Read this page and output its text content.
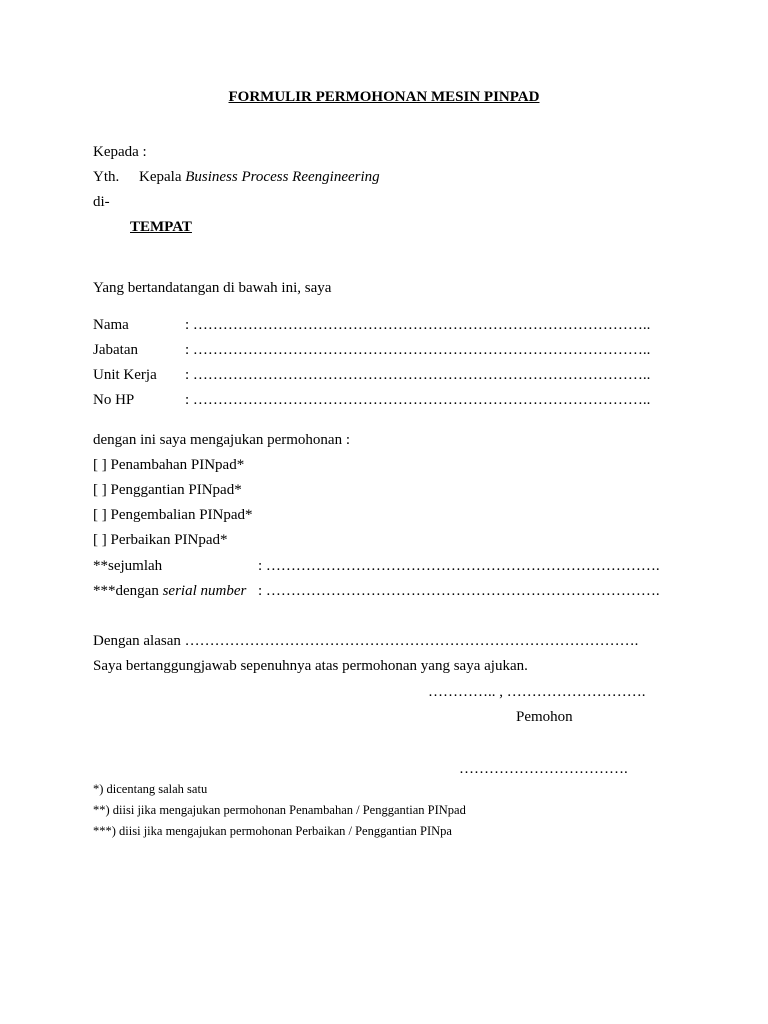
FORMULIR PERMOHONAN MESIN PINPAD
Kepada :
Yth. Kepala Business Process Reengineering
di-
TEMPAT
Yang bertandatangan di bawah ini, saya
Nama	: ………………………………………………………………………………..
Jabatan	: ………………………………………………………………………………..
Unit Kerja : ………………………………………………………………………………..
No HP	: ………………………………………………………………………………..
dengan ini saya mengajukan permohonan :
[ ] Penambahan PINpad*
[ ] Penggantian PINpad*
[ ] Pengembalian PINpad*
[ ] Perbaikan PINpad*
**sejumlah	: …………………………………………………………………….
***dengan serial number : …………………………………………………………………….
Dengan alasan ……………………………………………………………………………….
Saya bertanggungjawab sepenuhnya atas permohonan yang saya ajukan.
………….. , ……………………….
Pemohon
…………………………….
*) dicentang salah satu
**) diisi jika mengajukan permohonan Penambahan / Penggantian PINpad
***) diisi jika mengajukan permohonan Perbaikan / Penggantian PINpa
